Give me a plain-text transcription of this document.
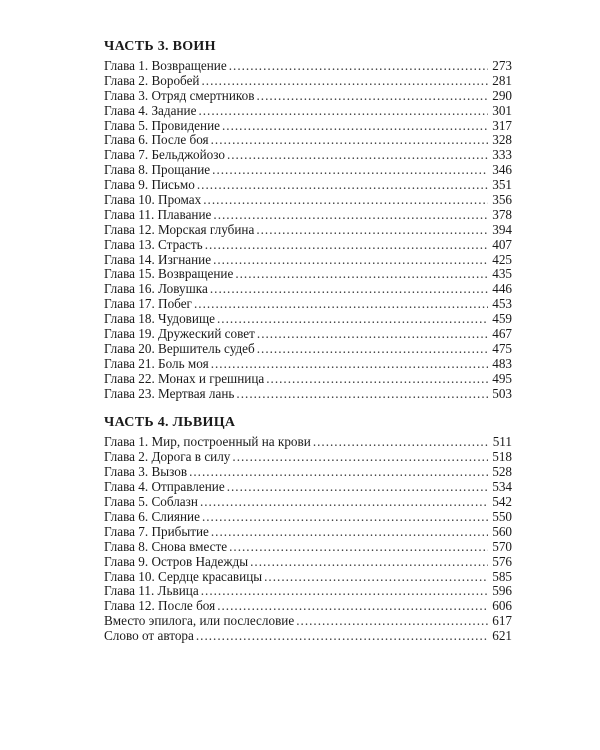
ЧАСТЬ 3. ВОИН
Глава 1. Возвращение .....	273
Глава 2. Воробей .....	281
Глава 3. Отряд смертников .....	290
Глава 4. Задание .....	301
Глава 5. Провидение .....	317
Глава 6. После боя .....	328
Глава 7. Бельджойозо .....	333
Глава 8. Прощание .....	346
Глава 9. Письмо .....	351
Глава 10. Промах .....	356
Глава 11. Плавание .....	378
Глава 12. Морская глубина .....	394
Глава 13. Страсть .....	407
Глава 14. Изгнание .....	425
Глава 15. Возвращение .....	435
Глава 16. Ловушка .....	446
Глава 17. Побег .....	453
Глава 18. Чудовище .....	459
Глава 19. Дружеский совет .....	467
Глава 20. Вершитель судеб .....	475
Глава 21. Боль моя .....	483
Глава 22. Монах и грешница .....	495
Глава 23. Мертвая лань .....	503
ЧАСТЬ 4. ЛЬВИЦА
Глава 1. Мир, построенный на крови .....	511
Глава 2. Дорога в силу .....	518
Глава 3. Вызов .....	528
Глава 4. Отправление .....	534
Глава 5. Соблазн .....	542
Глава 6. Слияние .....	550
Глава 7. Прибытие .....	560
Глава 8. Снова вместе .....	570
Глава 9. Остров Надежды .....	576
Глава 10. Сердце красавицы .....	585
Глава 11. Львица .....	596
Глава 12. После боя .....	606
Вместо эпилога, или послесловие .....	617
Слово от автора .....	621
